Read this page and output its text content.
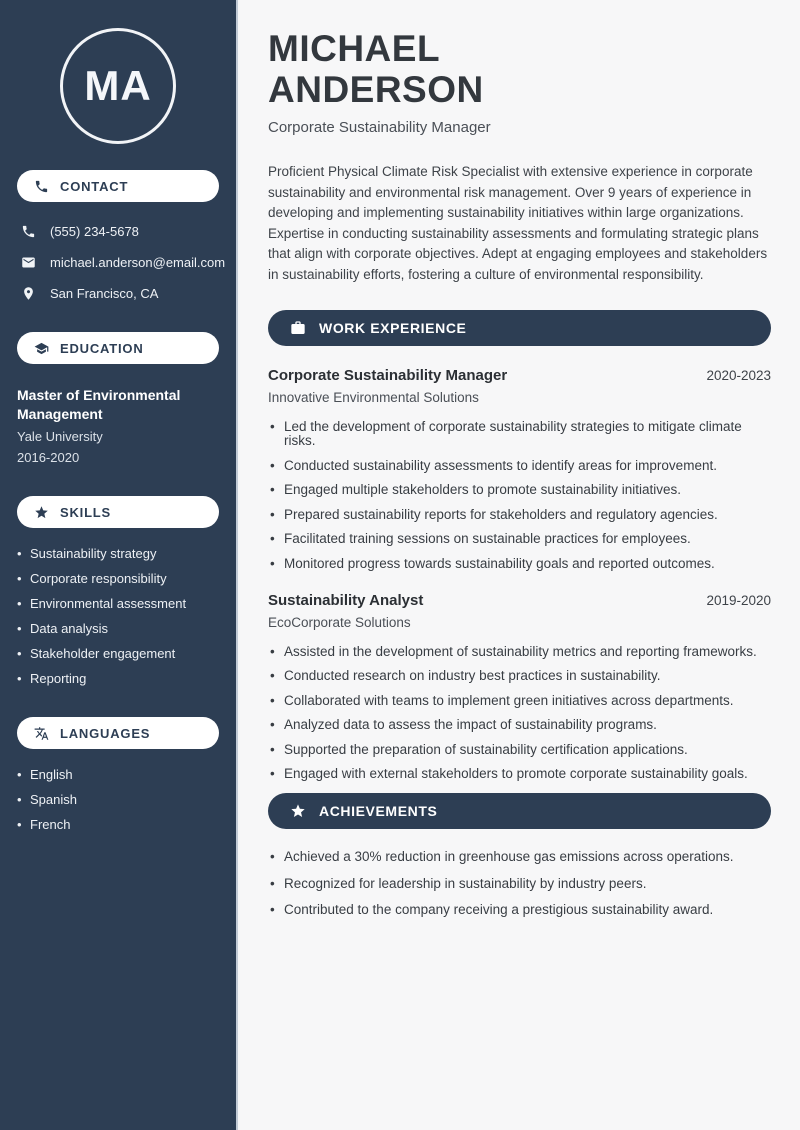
MA
CONTACT
(555) 234-5678
michael.anderson@email.com
San Francisco, CA
EDUCATION
Master of Environmental Management
Yale University
2016-2020
SKILLS
• Sustainability strategy
• Corporate responsibility
• Environmental assessment
• Data analysis
• Stakeholder engagement
• Reporting
LANGUAGES
• English
• Spanish
• French
MICHAEL ANDERSON
Corporate Sustainability Manager

Proficient Physical Climate Risk Specialist with extensive experience in corporate sustainability and environmental risk management. Over 9 years of experience in developing and implementing sustainability initiatives within large organizations. Expertise in conducting sustainability assessments and formulating strategic plans that align with corporate objectives. Adept at engaging employees and stakeholders in sustainability efforts, fostering a culture of environmental responsibility.

WORK EXPERIENCE
Corporate Sustainability Manager	2020-2023
Innovative Environmental Solutions
• Led the development of corporate sustainability strategies to mitigate climate risks.
• Conducted sustainability assessments to identify areas for improvement.
• Engaged multiple stakeholders to promote sustainability initiatives.
• Prepared sustainability reports for stakeholders and regulatory agencies.
• Facilitated training sessions on sustainable practices for employees.
• Monitored progress towards sustainability goals and reported outcomes.
Sustainability Analyst	2019-2020
EcoCorporate Solutions
• Assisted in the development of sustainability metrics and reporting frameworks.
• Conducted research on industry best practices in sustainability.
• Collaborated with teams to implement green initiatives across departments.
• Analyzed data to assess the impact of sustainability programs.
• Supported the preparation of sustainability certification applications.
• Engaged with external stakeholders to promote corporate sustainability goals.
ACHIEVEMENTS
• Achieved a 30% reduction in greenhouse gas emissions across operations.
• Recognized for leadership in sustainability by industry peers.
• Contributed to the company receiving a prestigious sustainability award.
